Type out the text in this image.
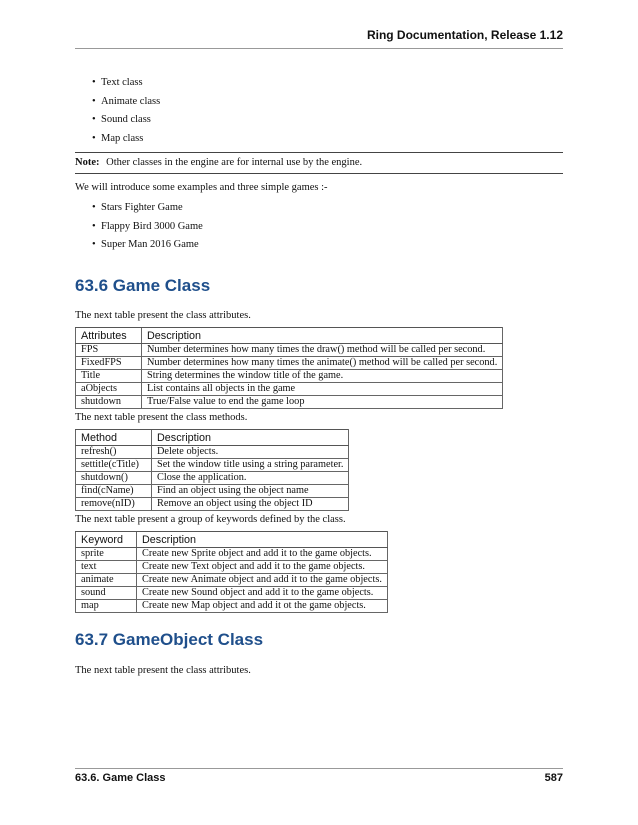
Ring Documentation, Release 1.12
• Text class
• Animate class
• Sound class
• Map class
Note: Other classes in the engine are for internal use by the engine.
We will introduce some examples and three simple games :-
• Stars Fighter Game
• Flappy Bird 3000 Game
• Super Man 2016 Game
63.6 Game Class
The next table present the class attributes.
Attributes	Description
FPS	Number determines how many times the draw() method will be called per second.
FixedFPS	Number determines how many times the animate() method will be called per second.
Title	String determines the window title of the game.
aObjects	List contains all objects in the game
shutdown	True/False value to end the game loop
The next table present the class methods.
Method	Description
refresh()	Delete objects.
settitle(cTitle)	Set the window title using a string parameter.
shutdown()	Close the application.
find(cName)	Find an object using the object name
remove(nID)	Remove an object using the object ID
The next table present a group of keywords defined by the class.
Keyword	Description
sprite	Create new Sprite object and add it to the game objects.
text	Create new Text object and add it to the game objects.
animate	Create new Animate object and add it to the game objects.
sound	Create new Sound object and add it to the game objects.
map	Create new Map object and add it ot the game objects.
63.7 GameObject Class
The next table present the class attributes.
63.6. Game Class	587
